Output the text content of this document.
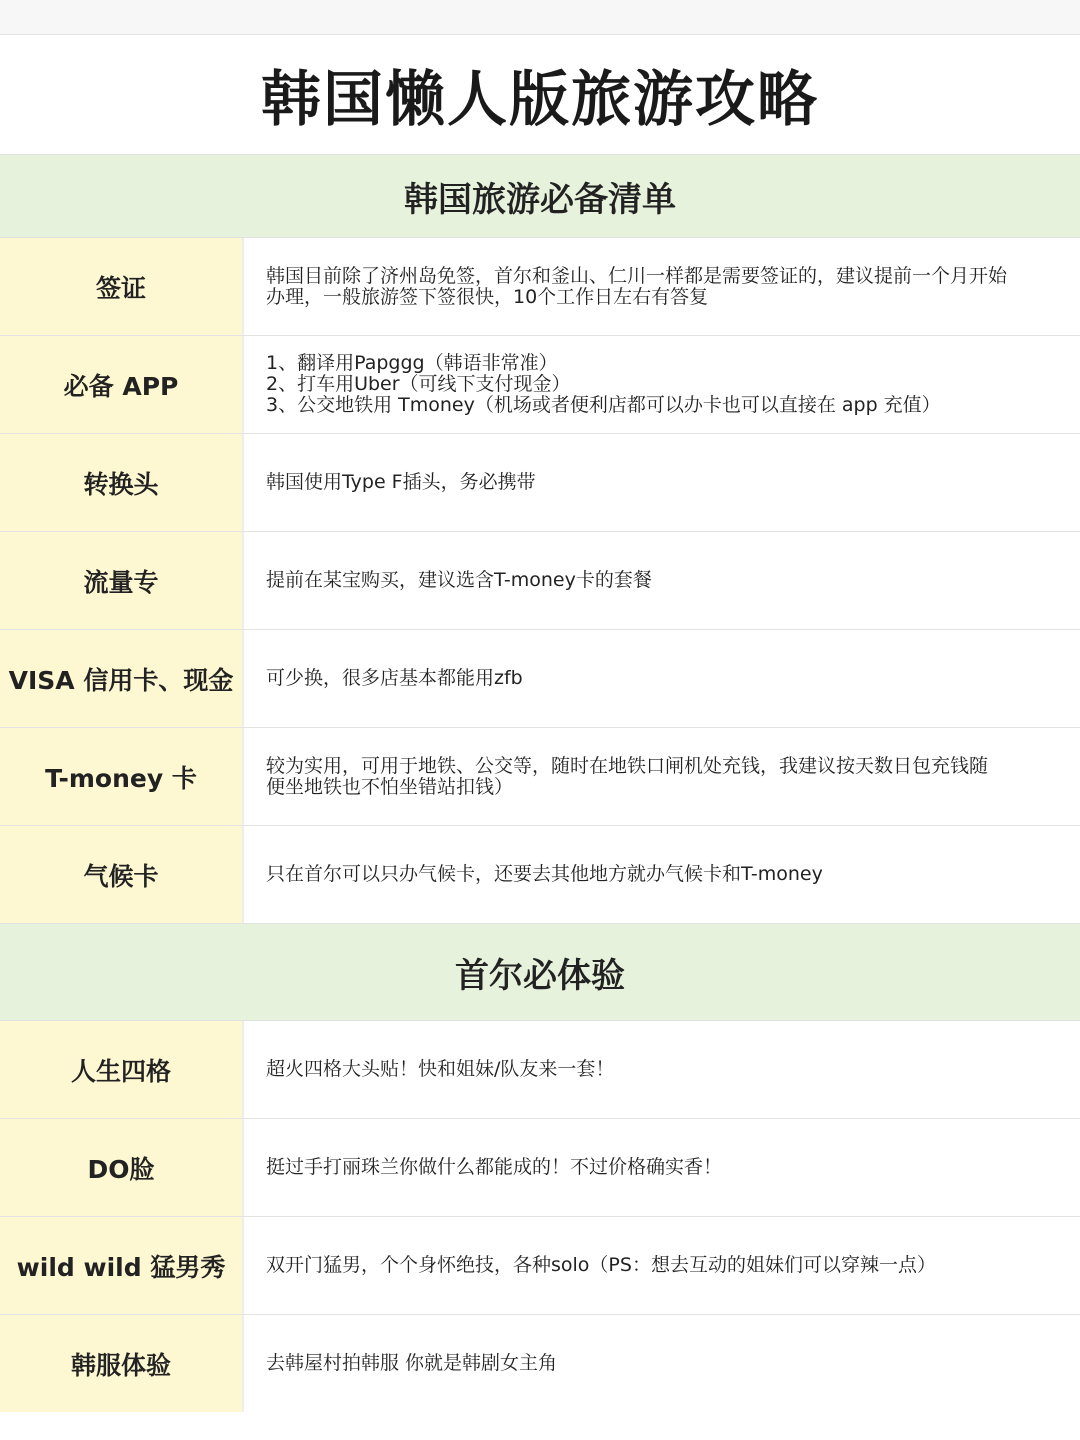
韩国懒人版旅游攻略
韩国旅游必备清单
签证	韩国目前除了济州岛免签，首尔和釜山、仁川一样都是需要签证的，建议提前一个月开始
办理，一般旅游签下签很快，10个工作日左右有答复
必备 APP
1、翻译用Papggg（韩语非常准）
2、打车用Uber（可线下支付现金）
3、公交地铁用 Tmoney（机场或者便利店都可以办卡也可以直接在 app 充值）
转换头	韩国使用Type F插头，务必携带
流量专	提前在某宝购买，建议选含T-money卡的套餐
VISA 信用卡、现金 可少换，很多店基本都能用zfb
T-money 卡	较为实用，可用于地铁、公交等，随时在地铁口闸机处充钱，我建议按天数日包充钱随
便坐地铁也不怕坐错站扣钱）
气候卡	只在首尔可以只办气候卡，还要去其他地方就办气候卡和T-money
首尔必体验
人生四格	超火四格大头贴！快和姐妹/队友来一套！
DO脸	挺过手打丽珠兰你做什么都能成的！不过价格确实香！
wild wild 猛男秀 双开门猛男，个个身怀绝技，各种solo（PS：想去互动的姐妹们可以穿辣一点）
韩服体验	去韩屋村拍韩服 你就是韩剧女主角
